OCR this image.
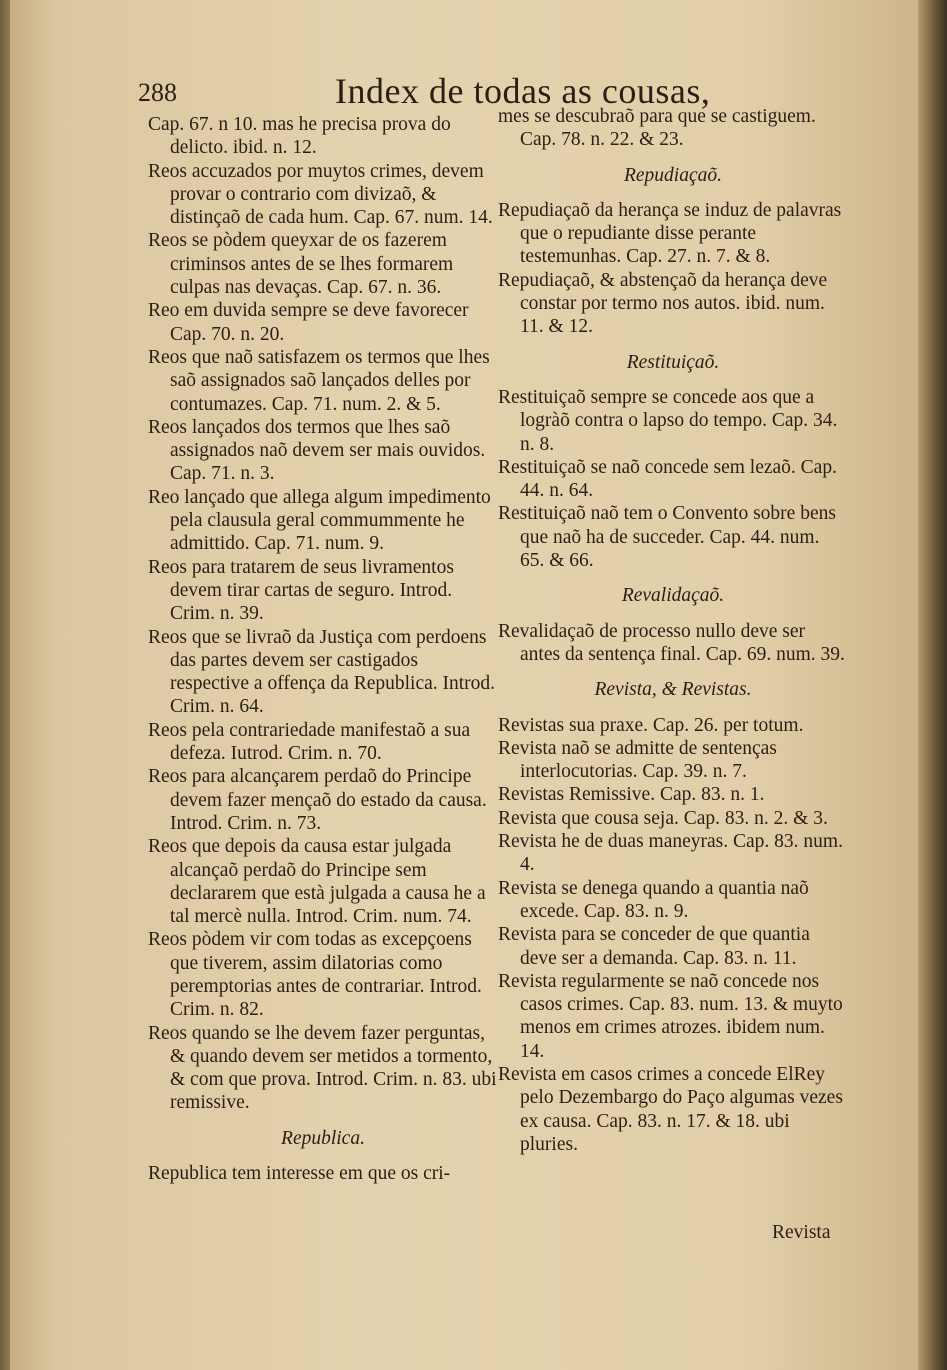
288	Index de todas as cousas,

Cap. 67. n 10. mas he precisa prova do delicto. ibid. n. 12.

Reos accuzados por muytos crimes, devem provar o contrario com divizaõ, & distinçaõ de cada hum. Cap. 67. num. 14.

Reos se pòdem queyxar de os fazerem criminsos antes de se lhes formarem culpas nas devaças. Cap. 67. n. 36.

Reo em duvida sempre se deve favorecer Cap. 70. n. 20.

Reos que naõ satisfazem os termos que lhes saõ assignados saõ lançados delles por contumazes. Cap. 71. num. 2. & 5.

Reos lançados dos termos que lhes saõ assignados naõ devem ser mais ouvidos. Cap. 71. n. 3.

Reo lançado que allega algum impedimento pela clausula geral commummente he admittido. Cap. 71. num. 9.

Reos para tratarem de seus livramentos devem tirar cartas de seguro. Introd. Crim. n. 39.

Reos que se livraõ da Justiça com perdoens das partes devem ser castigados respective a offença da Republica. Introd. Crim. n. 64.

Reos pela contrariedade manifestaõ a sua defeza. Iutrod. Crim. n. 70.

Reos para alcançarem perdaõ do Principe devem fazer mençaõ do estado da causa. Introd. Crim. n. 73.

Reos que depois da causa estar julgada alcançaõ perdaõ do Principe sem declararem que està julgada a causa he a tal mercè nulla. Introd. Crim. num. 74.

Reos pòdem vir com todas as excepçoens que tiverem, assim dilatorias como peremptorias antes de contrariar. Introd. Crim. n. 82.

Reos quando se lhe devem fazer perguntas, & quando devem ser metidos a tormento, & com que prova. Introd. Crim. n. 83. ubi remissive.

Republica.

Republica tem interesse em que os cri-

mes se descubraõ para que se castiguem. Cap. 78. n. 22. & 23.

Repudiaçaõ.

Repudiaçaõ da herança se induz de palavras que o repudiante disse perante testemunhas. Cap. 27. n. 7. & 8.

Repudiaçaõ, & abstençaõ da herança deve constar por termo nos autos. ibid. num. 11. & 12.

Restituiçaõ.

Restituiçaõ sempre se concede aos que a logràõ contra o lapso do tempo. Cap. 34. n. 8.

Restituiçaõ se naõ concede sem lezaõ. Cap. 44. n. 64.

Restituiçaõ naõ tem o Convento sobre bens que naõ ha de succeder. Cap. 44. num. 65. & 66.

Revalidaçaõ.

Revalidaçaõ de processo nullo deve ser antes da sentença final. Cap. 69. num. 39.

Revista, & Revistas.

Revistas sua praxe. Cap. 26. per totum.

Revista naõ se admitte de sentenças interlocutorias. Cap. 39. n. 7.

Revistas Remissive. Cap. 83. n. 1.

Revista que cousa seja. Cap. 83. n. 2. & 3.

Revista he de duas maneyras. Cap. 83. num. 4.

Revista se denega quando a quantia naõ excede. Cap. 83. n. 9.

Revista para se conceder de que quantia deve ser a demanda. Cap. 83. n. 11.

Revista regularmente se naõ concede nos casos crimes. Cap. 83. num. 13. & muyto menos em crimes atrozes. ibidem num. 14.

Revista em casos crimes a concede ElRey pelo Dezembargo do Paço algumas vezes ex causa. Cap. 83. n. 17. & 18. ubi pluries.

Revista
